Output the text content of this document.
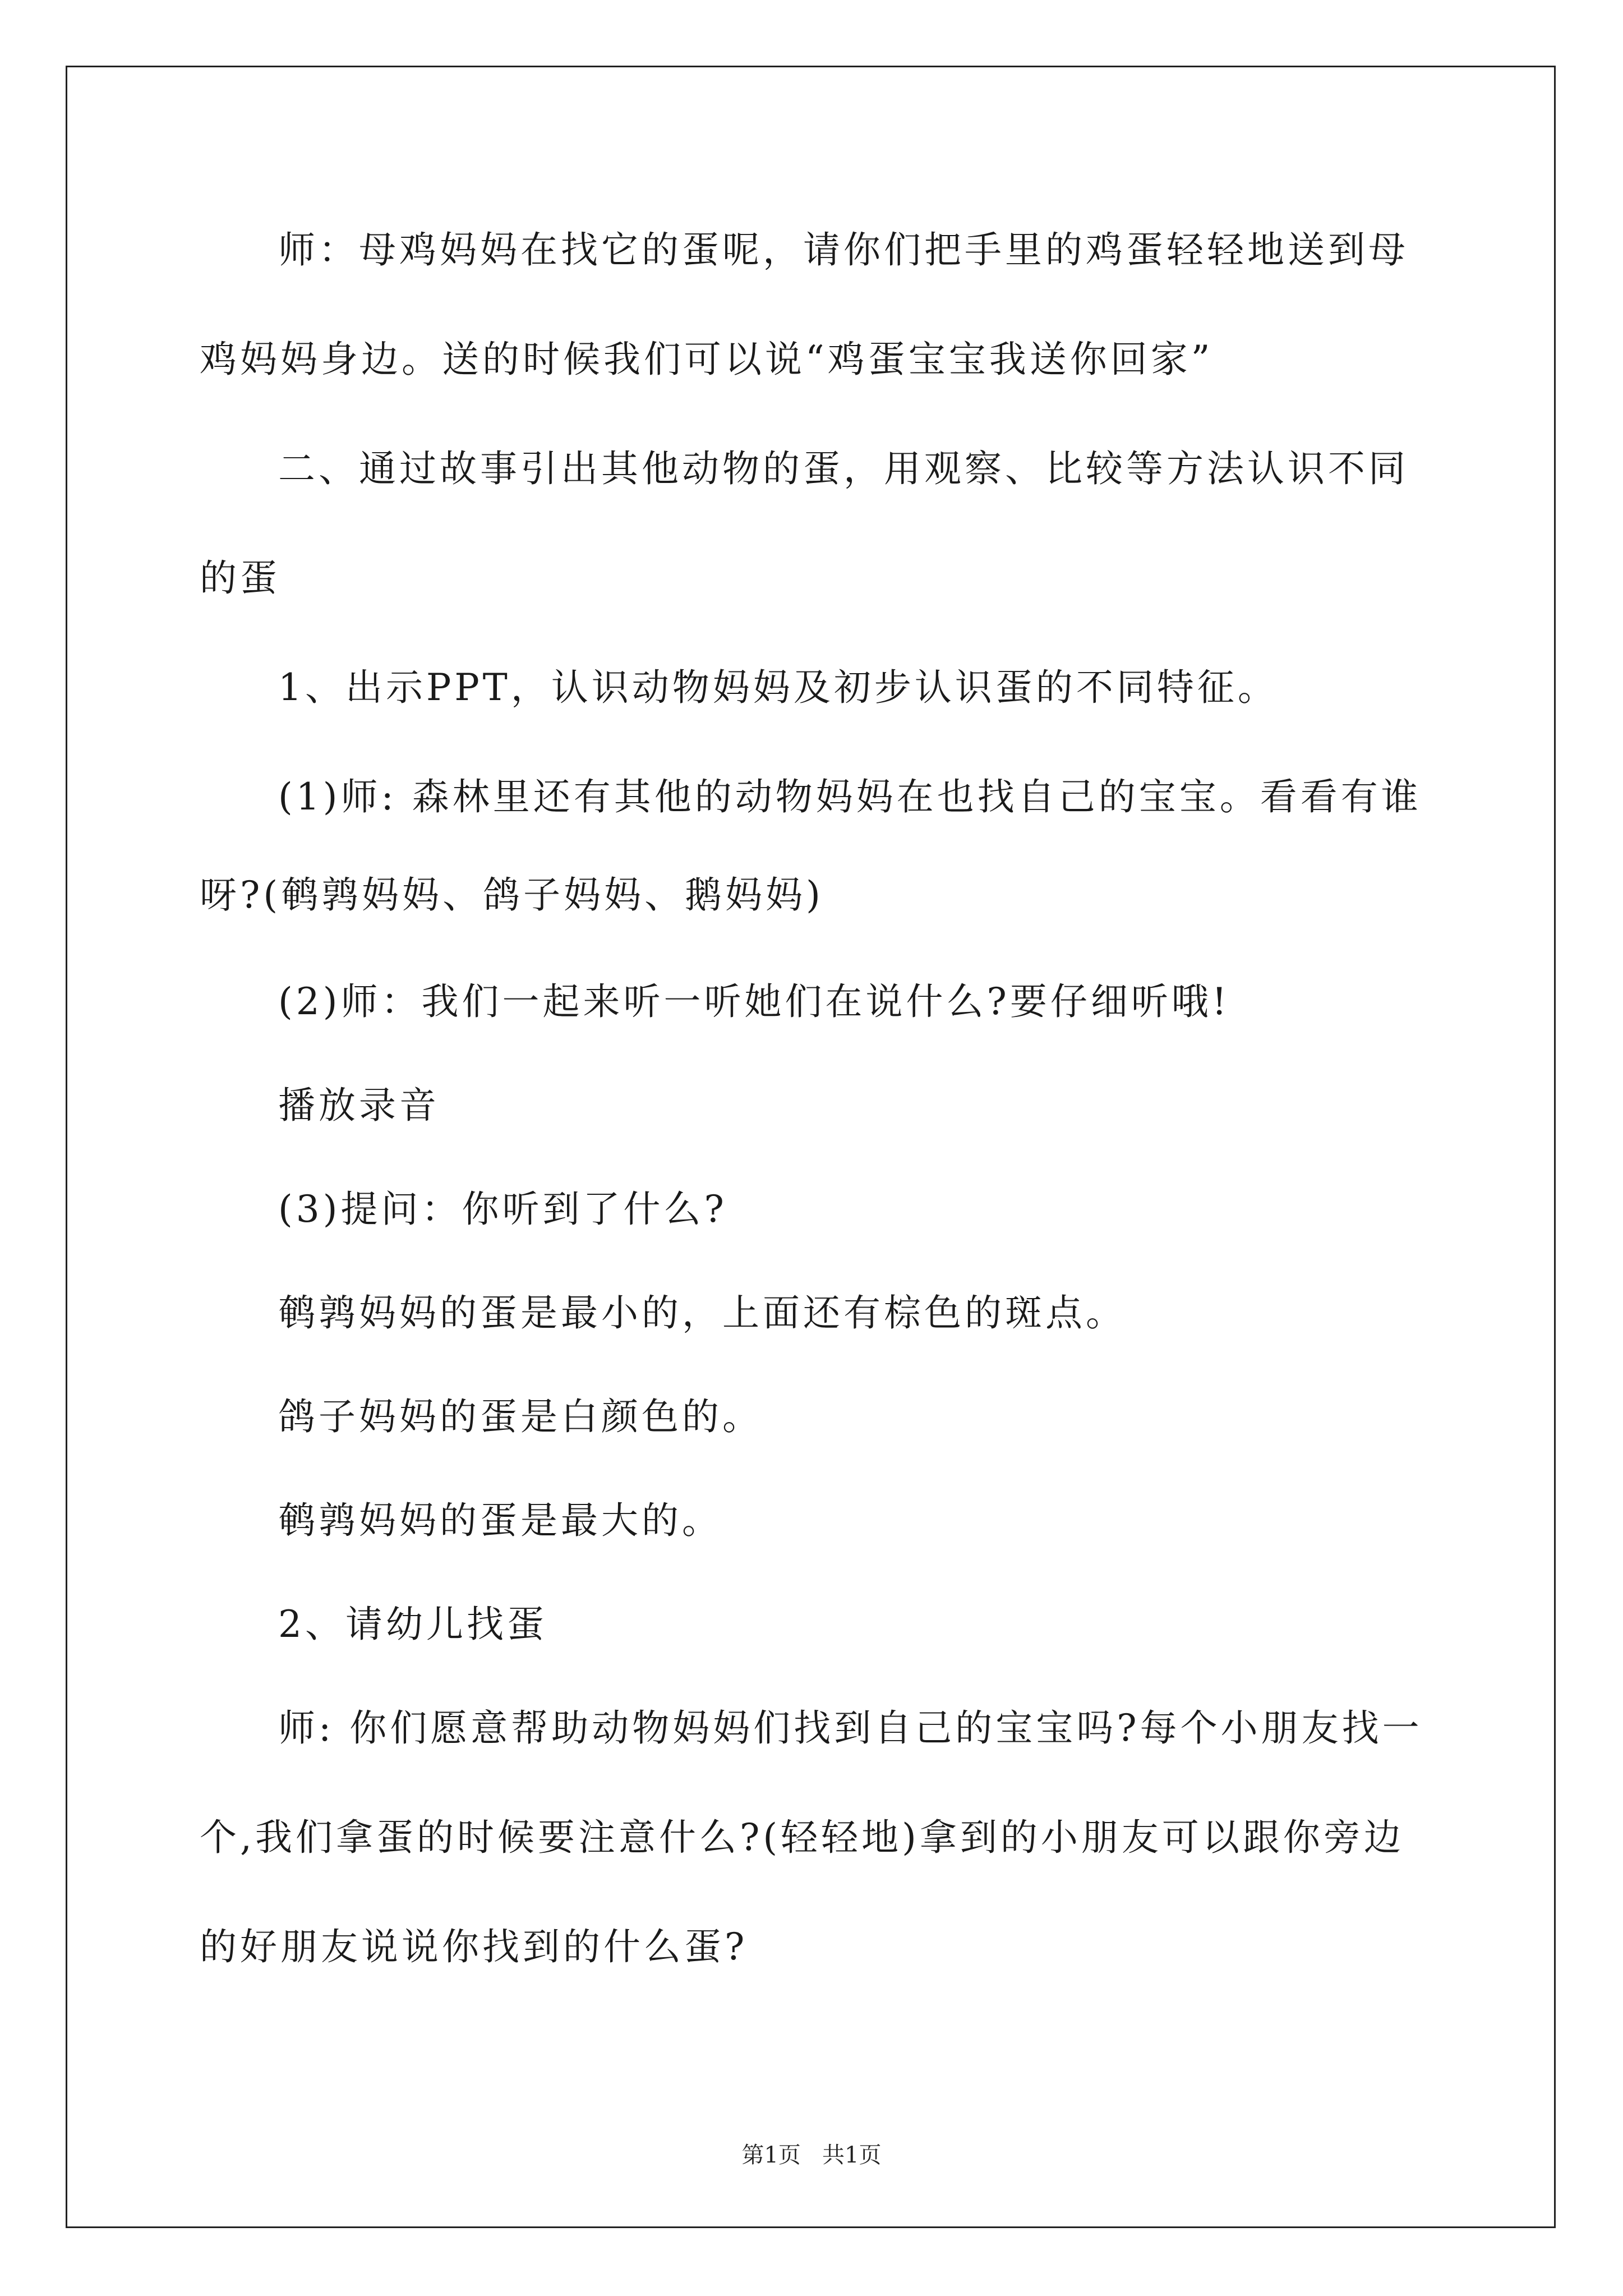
师：母鸡妈妈在找它的蛋呢，请你们把手里的鸡蛋轻轻地送到母
鸡妈妈身边。送的时候我们可以说“鸡蛋宝宝我送你回家”
二、通过故事引出其他动物的蛋，用观察、比较等方法认识不同
的蛋
1、出示PPT，认识动物妈妈及初步认识蛋的不同特征。
(1)师: 森林里还有其他的动物妈妈在也找自己的宝宝。看看有谁
呀?(鹌鹑妈妈、鸽子妈妈、鹅妈妈)
(2)师：我们一起来听一听她们在说什么?要仔细听哦!
播放录音
(3)提问：你听到了什么?
鹌鹑妈妈的蛋是最小的，上面还有棕色的斑点。
鸽子妈妈的蛋是白颜色的。
鹌鹑妈妈的蛋是最大的。
2、请幼儿找蛋
师: 你们愿意帮助动物妈妈们找到自己的宝宝吗?每个小朋友找一
个,我们拿蛋的时候要注意什么?(轻轻地)拿到的小朋友可以跟你旁边
的好朋友说说你找到的什么蛋?
第1页   共1页
